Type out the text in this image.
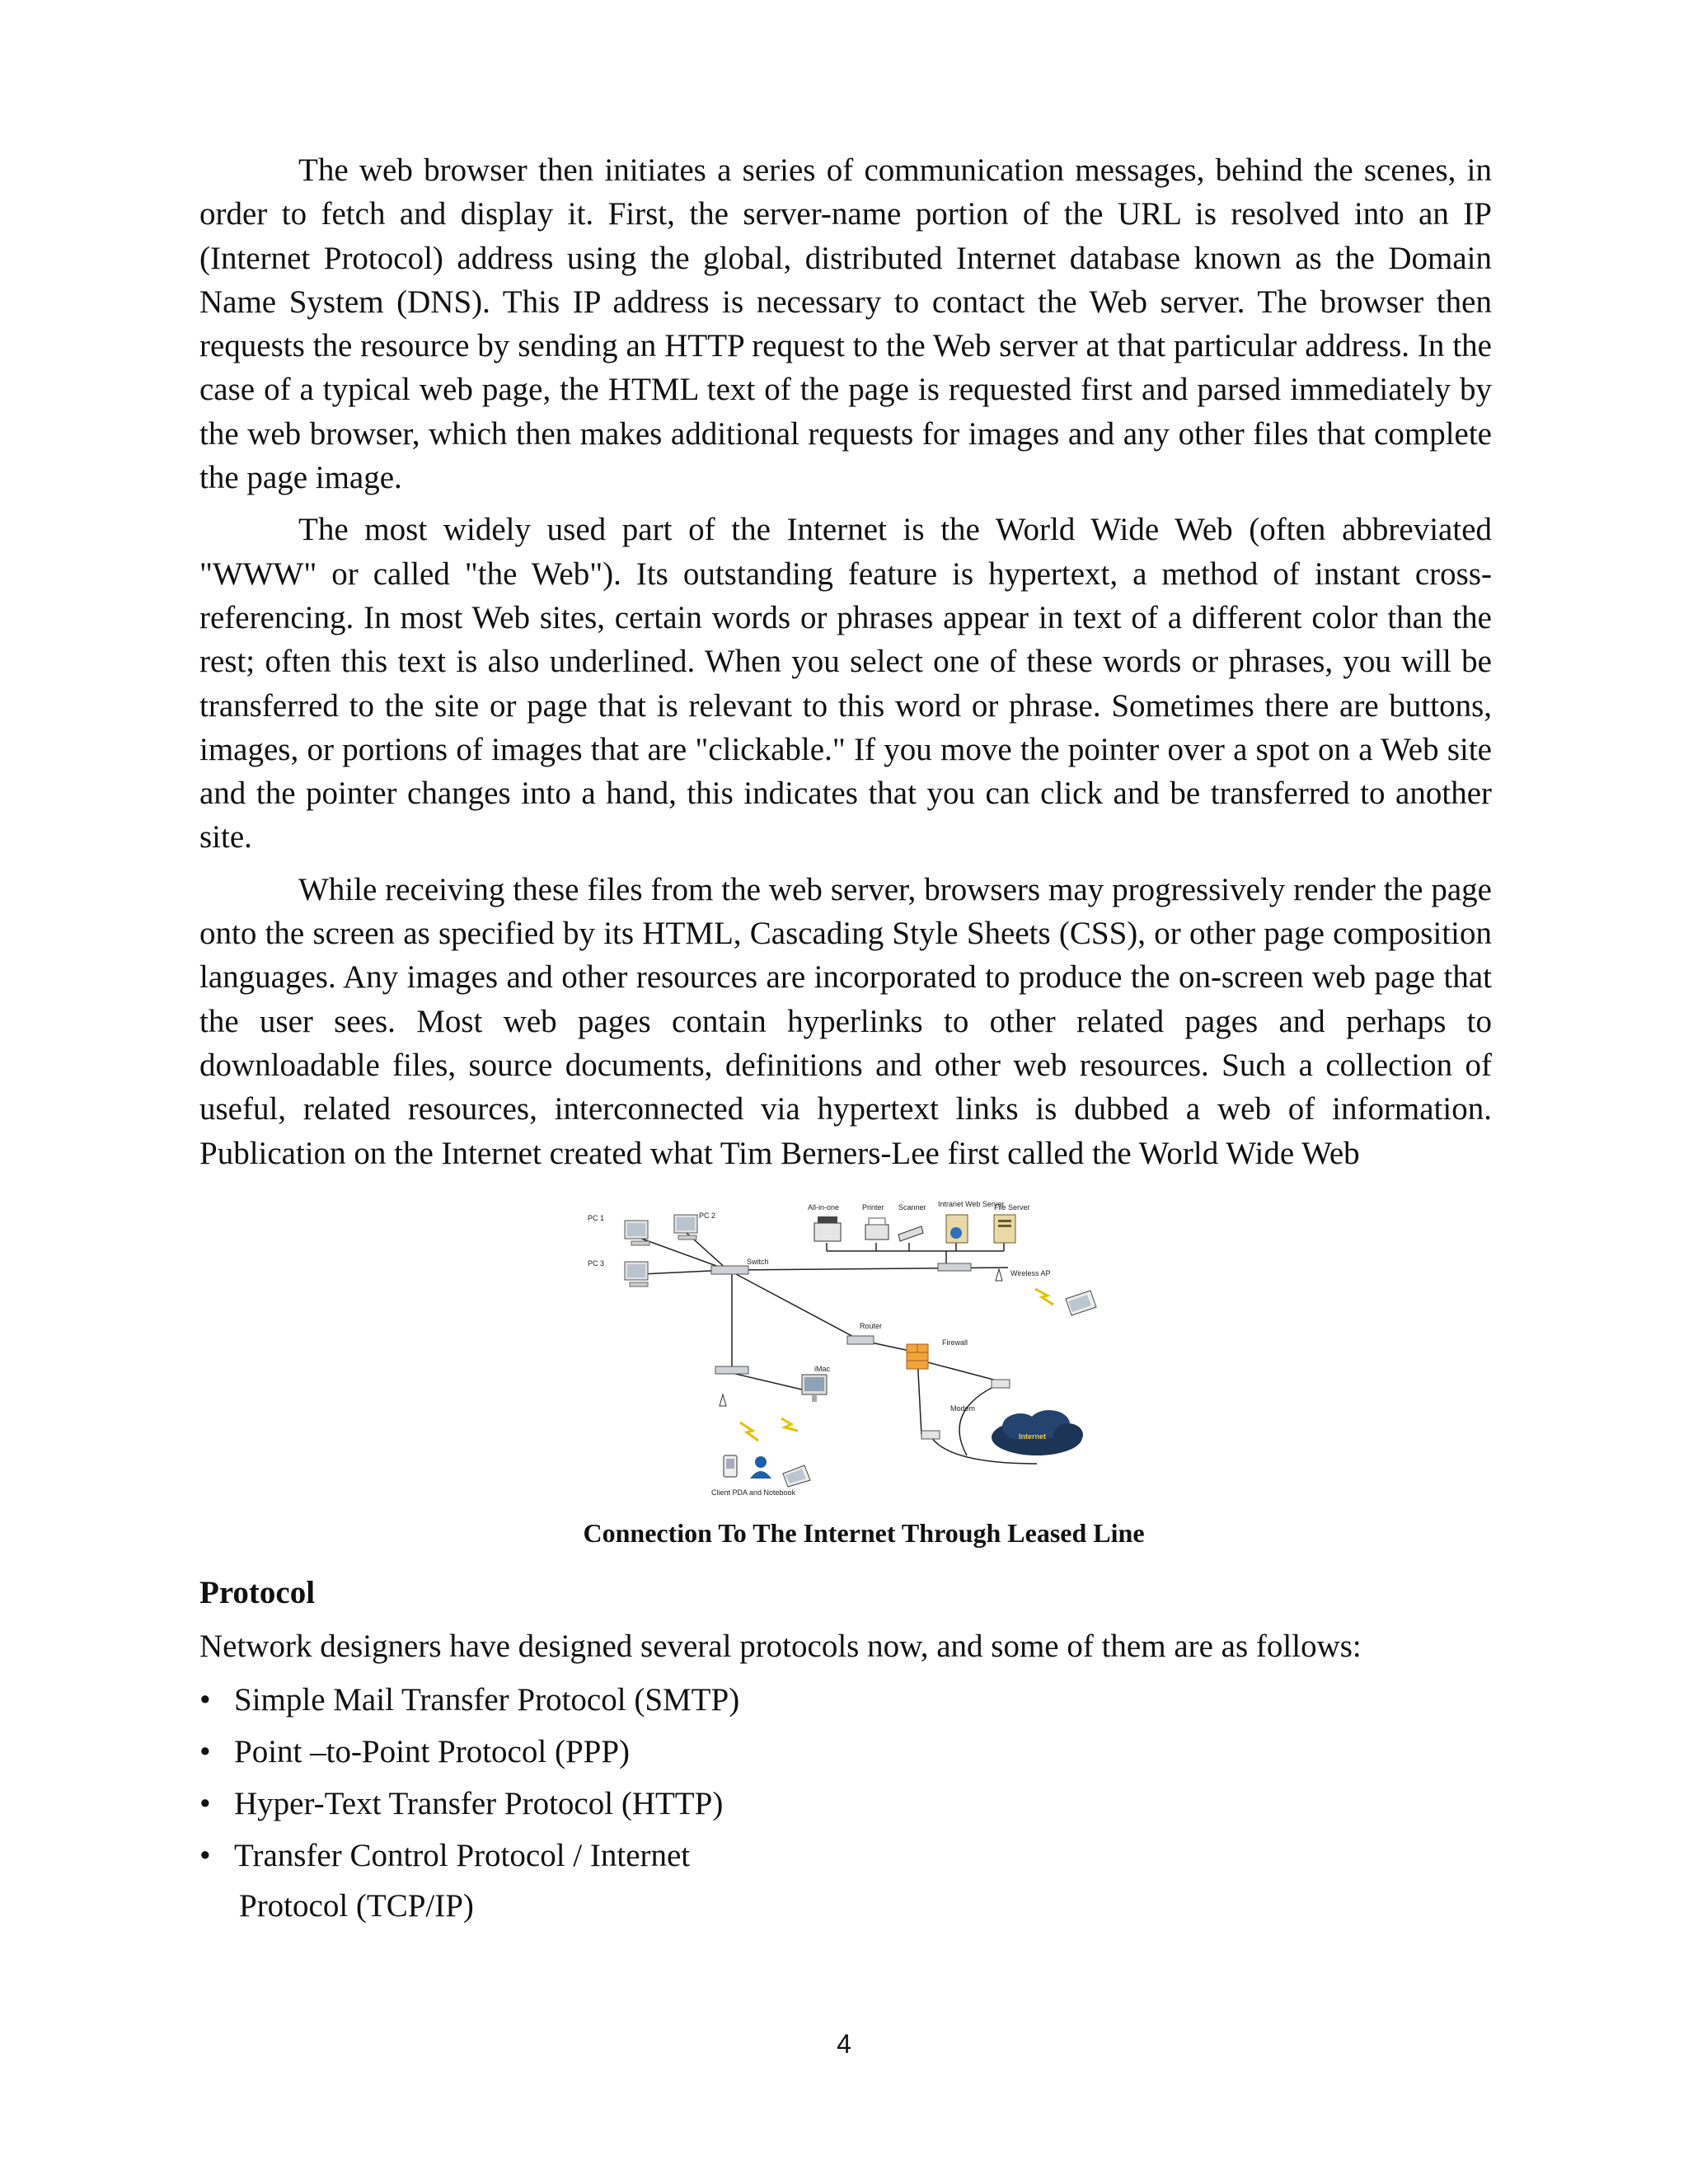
The web browser then initiates a series of communication messages, behind the scenes, in order to fetch and display it. First, the server-name portion of the URL is resolved into an IP (Internet Protocol) address using the global, distributed Internet database known as the Domain Name System (DNS). This IP address is necessary to contact the Web server. The browser then requests the resource by sending an HTTP request to the Web server at that particular address. In the case of a typical web page, the HTML text of the page is requested first and parsed immediately by the web browser, which then makes additional requests for images and any other files that complete the page image.

The most widely used part of the Internet is the World Wide Web (often abbreviated "WWW" or called "the Web"). Its outstanding feature is hypertext, a method of instant cross-referencing. In most Web sites, certain words or phrases appear in text of a different color than the rest; often this text is also underlined. When you select one of these words or phrases, you will be transferred to the site or page that is relevant to this word or phrase. Sometimes there are buttons, images, or portions of images that are "clickable." If you move the pointer over a spot on a Web site and the pointer changes into a hand, this indicates that you can click and be transferred to another site.

While receiving these files from the web server, browsers may progressively render the page onto the screen as specified by its HTML, Cascading Style Sheets (CSS), or other page composition languages. Any images and other resources are incorporated to produce the on-screen web page that the user sees. Most web pages contain hyperlinks to other related pages and perhaps to downloadable files, source documents, definitions and other web resources. Such a collection of useful, related resources, interconnected via hypertext links is dubbed a web of information. Publication on the Internet created what Tim Berners-Lee first called the World Wide Web

PC 1	PC 2
PC 3
All-in-one	Printer Scanner Intranet Web Server
File Server
Switch
Wireless AP
Router
Firewall
iMac
Modem
Internet
Client PDA and Notebook
Connection To The Internet Through Leased Line
Protocol

Network designers have designed several protocols now, and some of them are as follows:

• Simple Mail Transfer Protocol (SMTP)
• Point –to-Point Protocol (PPP)
• Hyper-Text Transfer Protocol (HTTP)
• Transfer Control Protocol / Internet
Protocol (TCP/IP)
4
